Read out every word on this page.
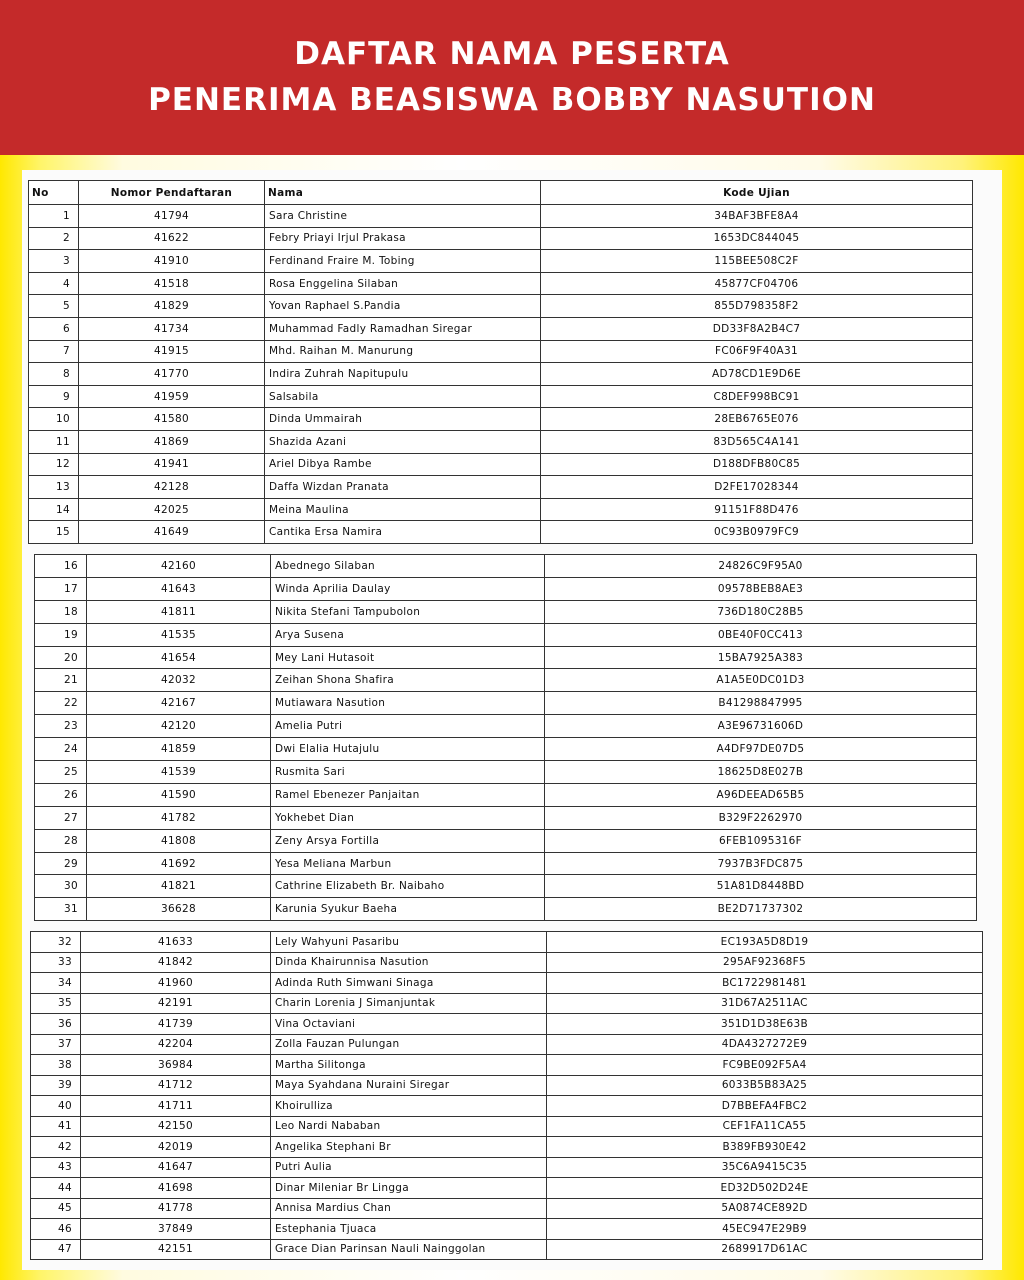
DAFTAR NAMA PESERTA
PENERIMA BEASISWA BOBBY NASUTION
No	Nomor Pendaftaran	Nama	Kode Ujian
1	41794	Sara Christine	34BAF3BFE8A4
2	41622	Febry Priayi Irjul Prakasa	1653DC844045
3	41910	Ferdinand Fraire M. Tobing	115BEE508C2F
4	41518	Rosa Enggelina Silaban	45877CF04706
5	41829	Yovan Raphael S.Pandia	855D798358F2
6	41734	Muhammad Fadly Ramadhan Siregar	DD33F8A2B4C7
7	41915	Mhd. Raihan M. Manurung	FC06F9F40A31
8	41770	Indira Zuhrah Napitupulu	AD78CD1E9D6E
9	41959	Salsabila	C8DEF998BC91
10	41580	Dinda Ummairah	28EB6765E076
11	41869	Shazida Azani	83D565C4A141
12	41941	Ariel Dibya Rambe	D188DFB80C85
13	42128	Daffa Wizdan Pranata	D2FE17028344
14	42025	Meina Maulina	91151F88D476
15	41649	Cantika Ersa Namira	0C93B0979FC9
16	42160	Abednego Silaban	24826C9F95A0
17	41643	Winda Aprilia Daulay	09578BEB8AE3
18	41811	Nikita Stefani Tampubolon	736D180C28B5
19	41535	Arya Susena	0BE40F0CC413
20	41654	Mey Lani Hutasoit	15BA7925A383
21	42032	Zeihan Shona Shafira	A1A5E0DC01D3
22	42167	Mutiawara Nasution	B41298847995
23	42120	Amelia Putri	A3E96731606D
24	41859	Dwi Elalia Hutajulu	A4DF97DE07D5
25	41539	Rusmita Sari	18625D8E027B
26	41590	Ramel Ebenezer Panjaitan	A96DEEAD65B5
27	41782	Yokhebet Dian	B329F2262970
28	41808	Zeny Arsya Fortilla	6FEB1095316F
29	41692	Yesa Meliana Marbun	7937B3FDC875
30	41821	Cathrine Elizabeth Br. Naibaho	51A81D8448BD
31	36628	Karunia Syukur Baeha	BE2D71737302
32	41633	Lely Wahyuni Pasaribu	EC193A5D8D19
33	41842	Dinda Khairunnisa Nasution	295AF92368F5
34	41960	Adinda Ruth Simwani Sinaga	BC1722981481
35	42191	Charin Lorenia J Simanjuntak	31D67A2511AC
36	41739	Vina Octaviani	351D1D38E63B
37	42204	Zolla Fauzan Pulungan	4DA4327272E9
38	36984	Martha Silitonga	FC9BE092F5A4
39	41712	Maya Syahdana Nuraini Siregar	6033B5B83A25
40	41711	Khoirulliza	D7BBEFA4FBC2
41	42150	Leo Nardi Nababan	CEF1FA11CA55
42	42019	Angelika Stephani Br	B389FB930E42
43	41647	Putri Aulia	35C6A9415C35
44	41698	Dinar Mileniar Br Lingga	ED32D502D24E
45	41778	Annisa Mardius Chan	5A0874CE892D
46	37849	Estephania Tjuaca	45EC947E29B9
47	42151	Grace Dian Parinsan Nauli Nainggolan	2689917D61AC
